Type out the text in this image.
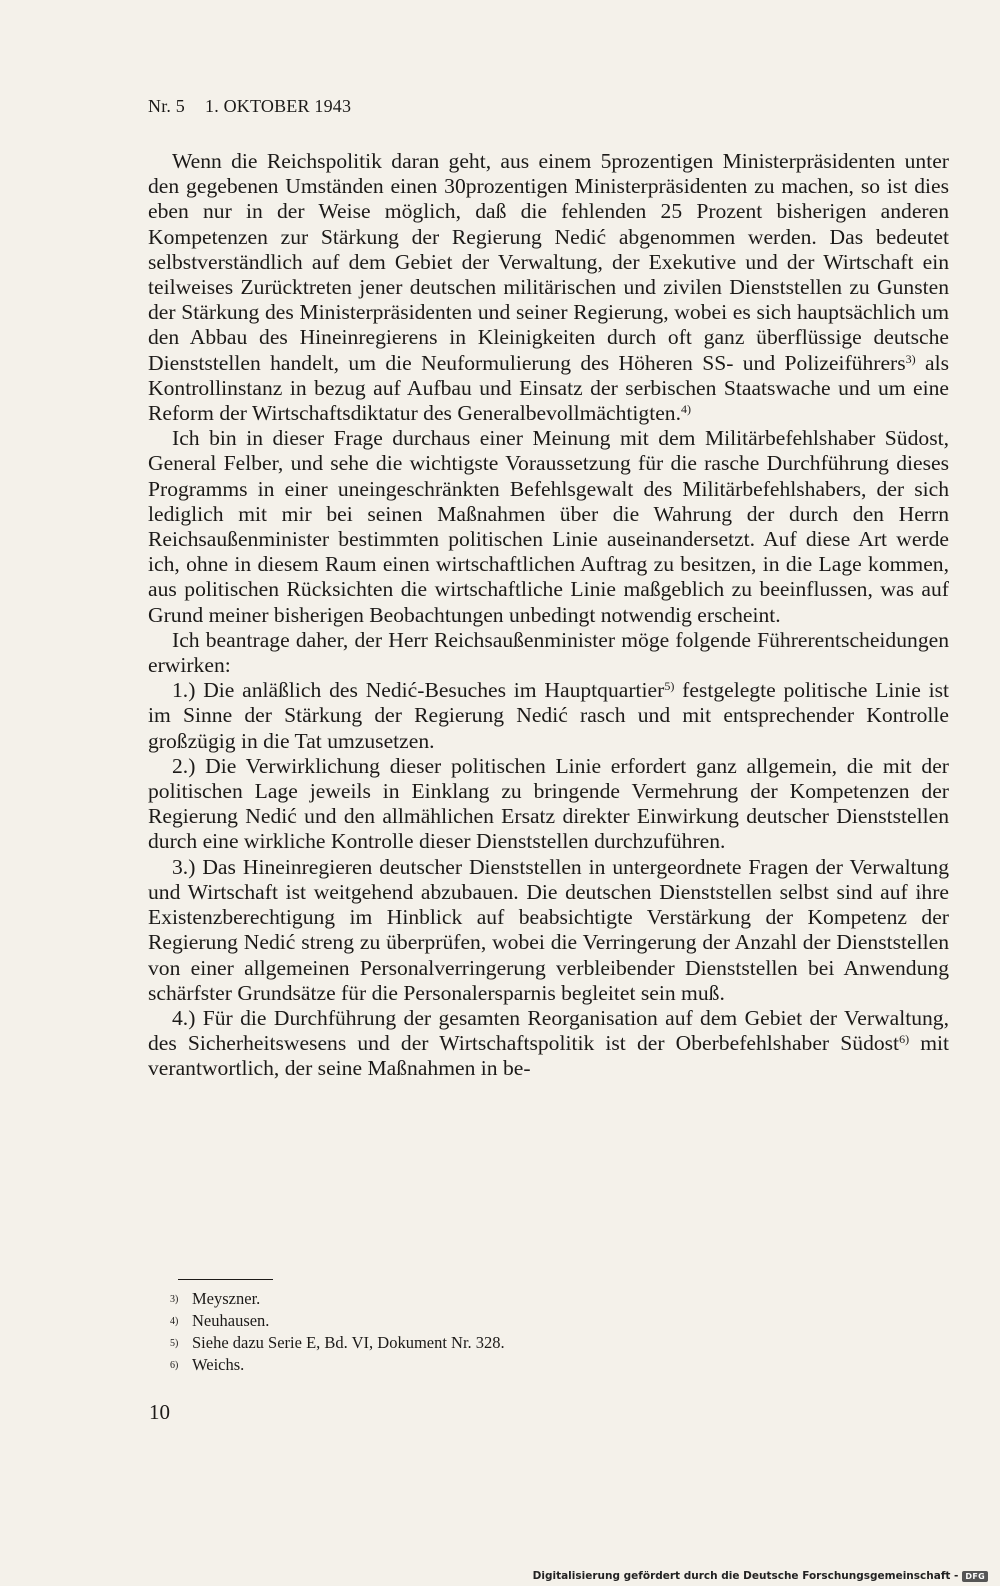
Nr. 5 1. OKTOBER 1943

Wenn die Reichspolitik daran geht, aus einem 5prozentigen Ministerpräsidenten unter den gegebenen Umständen einen 30prozentigen Ministerpräsidenten zu machen, so ist dies eben nur in der Weise möglich, daß die fehlenden 25 Prozent bisherigen anderen Kompetenzen zur Stärkung der Regierung Nedić abgenommen werden. Das bedeutet selbstverständlich auf dem Gebiet der Verwaltung, der Exekutive und der Wirtschaft ein teilweises Zurücktreten jener deutschen militärischen und zivilen Dienststellen zu Gunsten der Stärkung des Ministerpräsidenten und seiner Regierung, wobei es sich hauptsächlich um den Abbau des Hineinregierens in Kleinigkeiten durch oft ganz überflüssige deutsche Dienststellen handelt, um die Neuformulierung des Höheren SS- und Polizeiführers$^{3)}$ als Kontrollinstanz in bezug auf Aufbau und Einsatz der serbischen Staatswache und um eine Reform der Wirtschaftsdiktatur des Generalbevollmächtigten.$^{4)}$

Ich bin in dieser Frage durchaus einer Meinung mit dem Militärbefehlshaber Südost, General Felber, und sehe die wichtigste Voraussetzung für die rasche Durchführung dieses Programms in einer uneingeschränkten Befehlsgewalt des Militärbefehlshabers, der sich lediglich mit mir bei seinen Maßnahmen über die Wahrung der durch den Herrn Reichsaußenminister bestimmten politischen Linie auseinandersetzt. Auf diese Art werde ich, ohne in diesem Raum einen wirtschaftlichen Auftrag zu besitzen, in die Lage kommen, aus politischen Rücksichten die wirtschaftliche Linie maßgeblich zu beeinflussen, was auf Grund meiner bisherigen Beobachtungen unbedingt notwendig erscheint.

Ich beantrage daher, der Herr Reichsaußenminister möge folgende Führerentscheidungen erwirken:

1.) Die anläßlich des Nedić-Besuches im Hauptquartier$^{5)}$ festgelegte politische Linie ist im Sinne der Stärkung der Regierung Nedić rasch und mit entsprechender Kontrolle großzügig in die Tat umzusetzen.

2.) Die Verwirklichung dieser politischen Linie erfordert ganz allgemein, die mit der politischen Lage jeweils in Einklang zu bringende Vermehrung der Kompetenzen der Regierung Nedić und den allmählichen Ersatz direkter Einwirkung deutscher Dienststellen durch eine wirkliche Kontrolle dieser Dienststellen durchzuführen.

3.) Das Hineinregieren deutscher Dienststellen in untergeordnete Fragen der Verwaltung und Wirtschaft ist weitgehend abzubauen. Die deutschen Dienststellen selbst sind auf ihre Existenzberechtigung im Hinblick auf beabsichtigte Verstärkung der Kompetenz der Regierung Nedić streng zu überprüfen, wobei die Verringerung der Anzahl der Dienststellen von einer allgemeinen Personalverringerung verbleibender Dienststellen bei Anwendung schärfster Grundsätze für die Personalersparnis begleitet sein muß.

4.) Für die Durchführung der gesamten Reorganisation auf dem Gebiet der Verwaltung, des Sicherheitswesens und der Wirtschaftspolitik ist der Oberbefehlshaber Südost$^{6)}$ mit verantwortlich, der seine Maßnahmen in be-

3) Meyszner.
4) Neuhausen.
5) Siehe dazu Serie E, Bd. VI, Dokument Nr. 328.
6) Weichs.
10
Digitalisierung gefördert durch die Deutsche Forschungsgemeinschaft - DFG
